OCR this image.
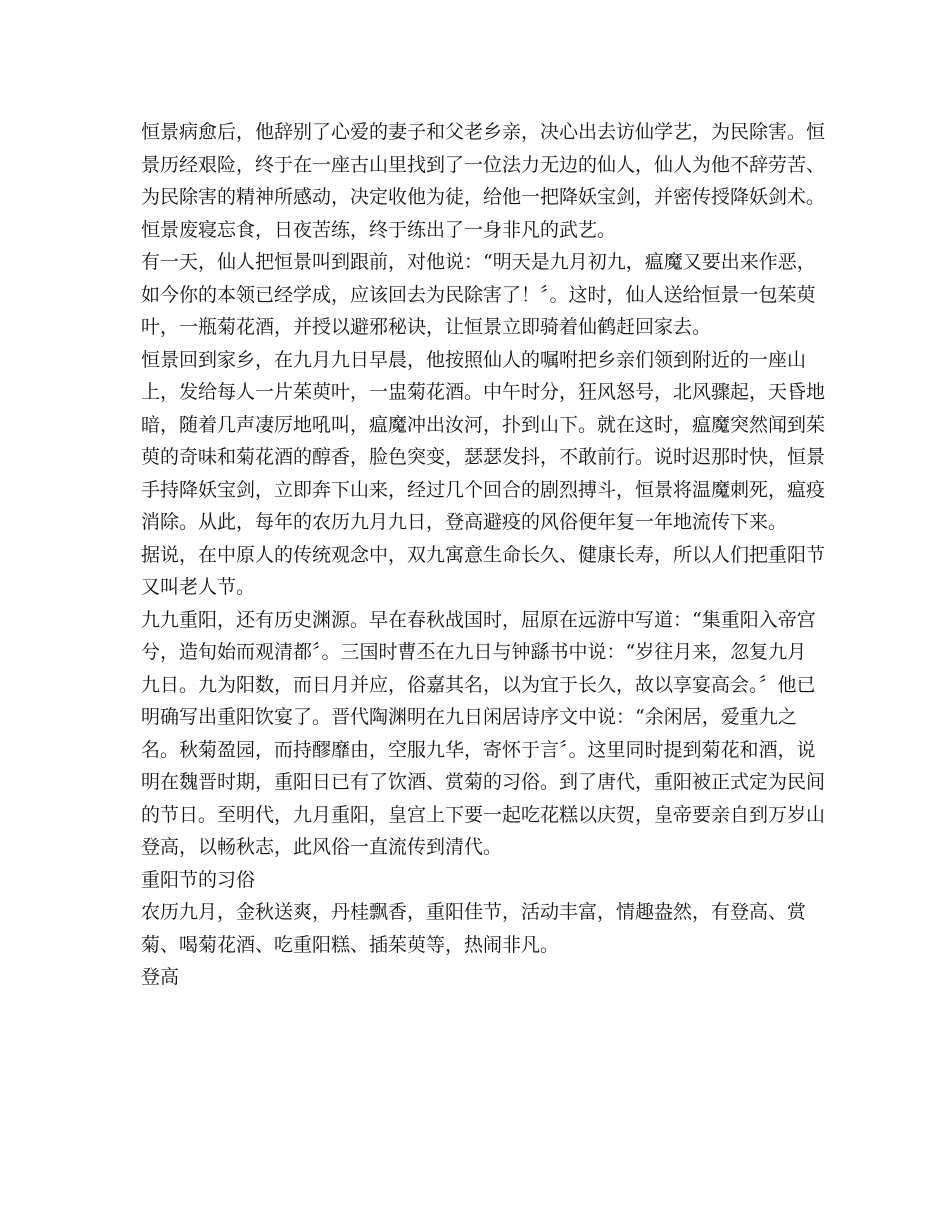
恒景病愈后，他辞别了心爱的妻子和父老乡亲，决心出去访仙学艺，为民除害。恒
景历经艰险，终于在一座古山里找到了一位法力无边的仙人，仙人为他不辞劳苦、
为民除害的精神所感动，决定收他为徒，给他一把降妖宝剑，并密传授降妖剑术。
恒景废寝忘食，日夜苦练，终于练出了一身非凡的武艺。
有一天，仙人把恒景叫到跟前，对他说：“明天是九月初九，瘟魔又要出来作恶，
如今你的本领已经学成，应该回去为民除害了！〞。这时，仙人送给恒景一包茱萸
叶，一瓶菊花酒，并授以避邪秘诀，让恒景立即骑着仙鹤赶回家去。
恒景回到家乡，在九月九日早晨，他按照仙人的嘱咐把乡亲们领到附近的一座山
上，发给每人一片茱萸叶，一盅菊花酒。中午时分，狂风怒号，北风骤起，天昏地
暗，随着几声凄厉地吼叫，瘟魔冲出汝河，扑到山下。就在这时，瘟魔突然闻到茱
萸的奇味和菊花酒的醇香，脸色突变，瑟瑟发抖，不敢前行。说时迟那时快，恒景
手持降妖宝剑，立即奔下山来，经过几个回合的剧烈搏斗，恒景将温魔刺死，瘟疫
消除。从此，每年的农历九月九日，登高避疫的风俗便年复一年地流传下来。
据说，在中原人的传统观念中，双九寓意生命长久、健康长寿，所以人们把重阳节
又叫老人节。
九九重阳，还有历史渊源。早在春秋战国时，屈原在远游中写道：“集重阳入帝宫
兮，造旬始而观清都〞。三国时曹丕在九日与钟繇书中说：“岁往月来，忽复九月
九日。九为阳数，而日月并应，俗嘉其名，以为宜于长久，故以享宴高会。〞他已
明确写出重阳饮宴了。晋代陶渊明在九日闲居诗序文中说：“余闲居，爱重九之
名。秋菊盈园，而持醪靡由，空服九华，寄怀于言〞。这里同时提到菊花和酒，说
明在魏晋时期，重阳日已有了饮酒、赏菊的习俗。到了唐代，重阳被正式定为民间
的节日。至明代，九月重阳，皇宫上下要一起吃花糕以庆贺，皇帝要亲自到万岁山
登高，以畅秋志，此风俗一直流传到清代。
重阳节的习俗
农历九月，金秋送爽，丹桂飘香，重阳佳节，活动丰富，情趣盎然，有登高、赏
菊、喝菊花酒、吃重阳糕、插茱萸等，热闹非凡。
登高
